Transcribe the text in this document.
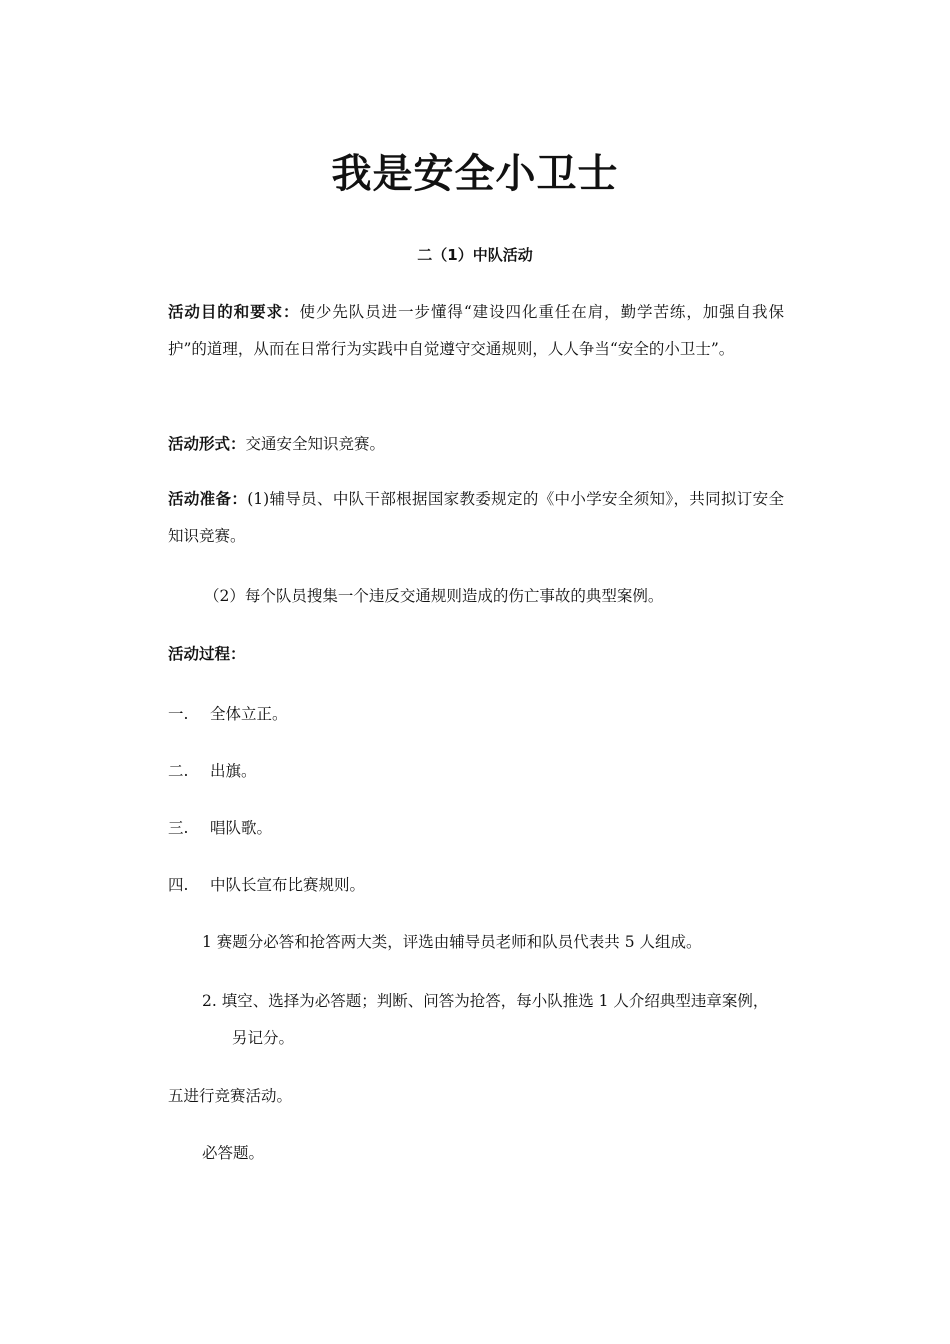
我是安全小卫士
二（1）中队活动

活动目的和要求：使少先队员进一步懂得“建设四化重任在肩，勤学苦练，加强自我保护”的道理，从而在日常行为实践中自觉遵守交通规则，人人争当“安全的小卫士”。

活动形式：交通安全知识竞赛。

活动准备：(1)辅导员、中队干部根据国家教委规定的《中小学安全须知》，共同拟订安全知识竞赛。

（2）每个队员搜集一个违反交通规则造成的伤亡事故的典型案例。

活动过程：

一. 全体立正。

二. 出旗。

三. 唱队歌。

四. 中队长宣布比赛规则。

1 赛题分必答和抢答两大类，评选由辅导员老师和队员代表共 5 人组成。

2. 填空、选择为必答题；判断、问答为抢答，每小队推选 1 人介绍典型违章案例，
另记分。

五进行竞赛活动。

必答题。
